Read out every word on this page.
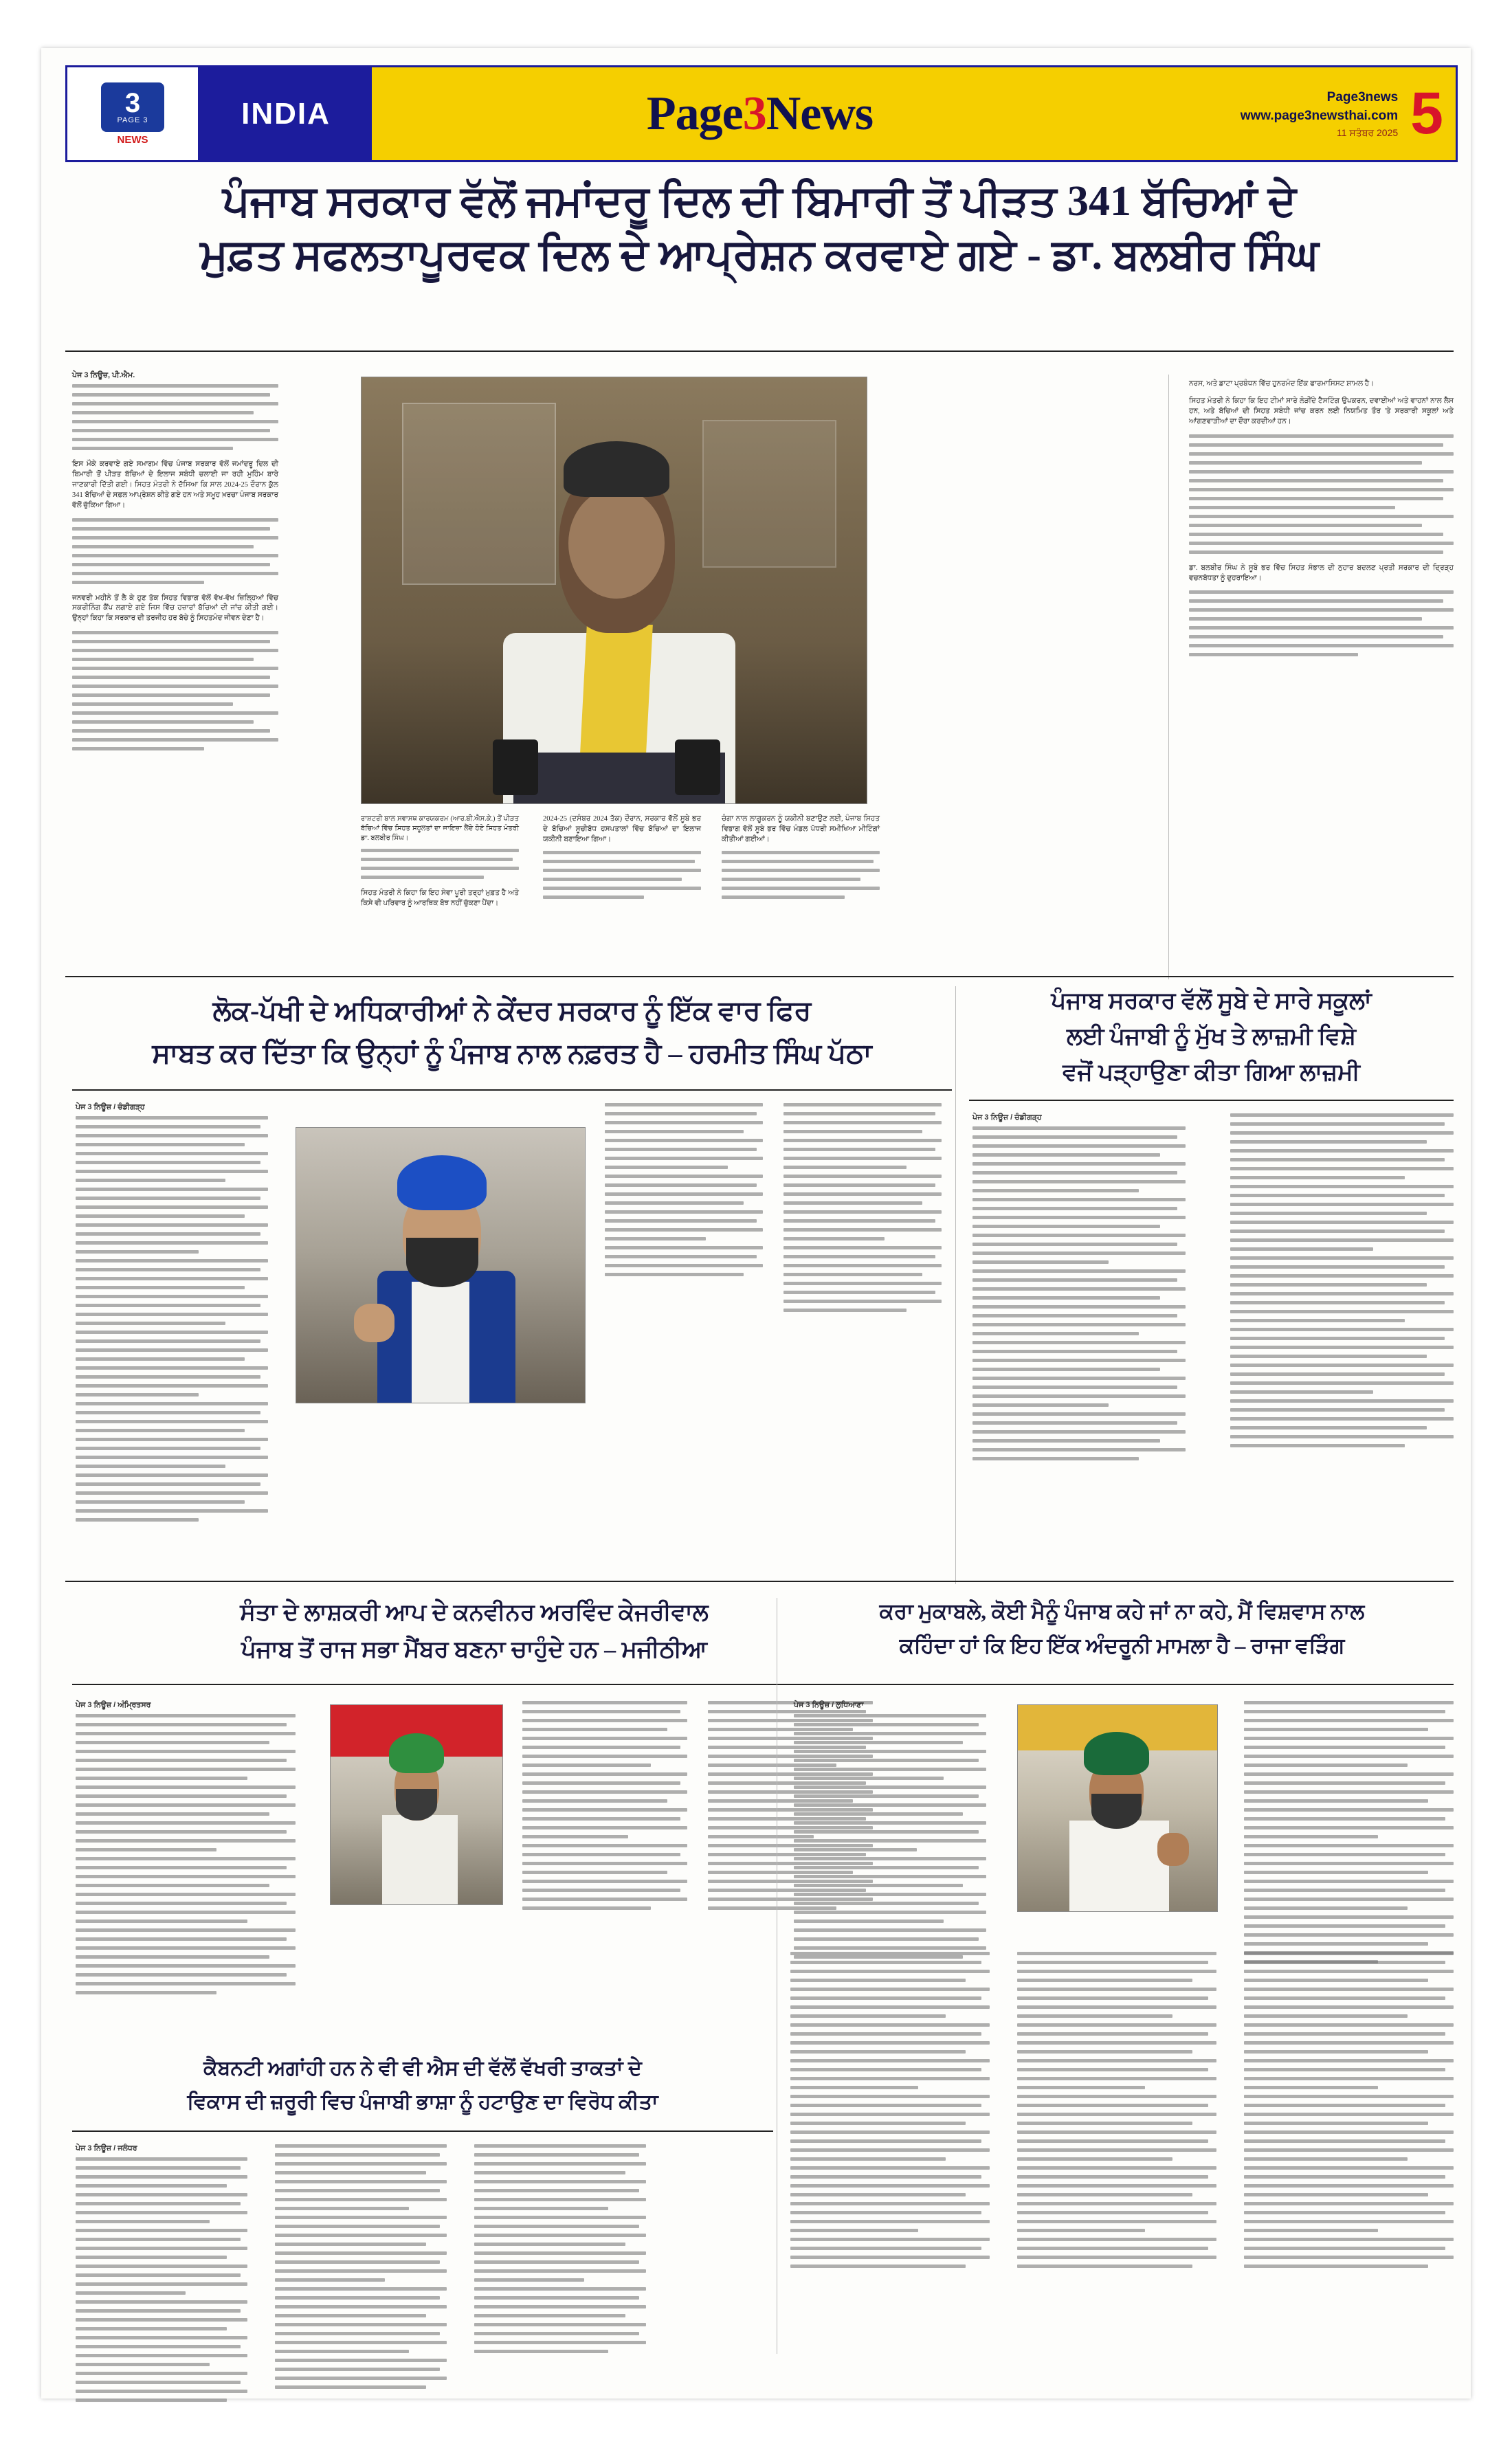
3
PAGE 3
NEWS
INDIA	Page3News	Page3news
www.page3newsthai.com
11 ਸਤੰਬਰ 2025 5
ਪੰਜਾਬ ਸਰਕਾਰ ਵੱਲੋਂ ਜਮਾਂਦਰੂ ਦਿਲ ਦੀ ਬਿਮਾਰੀ ਤੋਂ ਪੀੜਤ 341 ਬੱਚਿਆਂ ਦੇ
ਮੁਫ਼ਤ ਸਫਲਤਾਪੂਰਵਕ ਦਿਲ ਦੇ ਆਪ੍ਰੇਸ਼ਨ ਕਰਵਾਏ ਗਏ - ਡਾ. ਬਲਬੀਰ ਸਿੰਘ
ਪੇਜ 3 ਨਿਊਜ਼, ਪੀ.ਐਮ.
ਇਸ ਮੌਕੇ ਕਰਵਾਏ ਗਏ ਸਮਾਗਮ ਵਿੱਚ ਪੰਜਾਬ ਸਰਕਾਰ ਵੱਲੋਂ ਜਮਾਂਦਰੂ ਦਿਲ ਦੀ ਬਿਮਾਰੀ ਤੋਂ ਪੀੜਤ ਬੱਚਿਆਂ ਦੇ ਇਲਾਜ ਸਬੰਧੀ ਚਲਾਈ ਜਾ ਰਹੀ ਮੁਹਿੰਮ ਬਾਰੇ ਜਾਣਕਾਰੀ ਦਿੱਤੀ ਗਈ। ਸਿਹਤ ਮੰਤਰੀ ਨੇ ਦੱਸਿਆ ਕਿ ਸਾਲ 2024-25 ਦੌਰਾਨ ਕੁੱਲ 341 ਬੱਚਿਆਂ ਦੇ ਸਫ਼ਲ ਆਪ੍ਰੇਸ਼ਨ ਕੀਤੇ ਗਏ ਹਨ ਅਤੇ ਸਮੂਹ ਖ਼ਰਚਾ ਪੰਜਾਬ ਸਰਕਾਰ ਵੱਲੋਂ ਚੁੱਕਿਆ ਗਿਆ।
ਜਨਵਰੀ ਮਹੀਨੇ ਤੋਂ ਲੈ ਕੇ ਹੁਣ ਤੱਕ ਸਿਹਤ ਵਿਭਾਗ ਵੱਲੋਂ ਵੱਖ-ਵੱਖ ਜ਼ਿਲ੍ਹਿਆਂ ਵਿੱਚ ਸਕਰੀਨਿੰਗ ਕੈਂਪ ਲਗਾਏ ਗਏ ਜਿਸ ਵਿੱਚ ਹਜ਼ਾਰਾਂ ਬੱਚਿਆਂ ਦੀ ਜਾਂਚ ਕੀਤੀ ਗਈ। ਉਨ੍ਹਾਂ ਕਿਹਾ ਕਿ ਸਰਕਾਰ ਦੀ ਤਰਜੀਹ ਹਰ ਬੱਚੇ ਨੂੰ ਸਿਹਤਮੰਦ ਜੀਵਨ ਦੇਣਾ ਹੈ।
ਰਾਸ਼ਟਰੀ ਬਾਲ ਸਵਾਸਥ ਕਾਰਯਕਰਮ (ਆਰ.ਬੀ.ਐਸ.ਕੇ.) ਤੋਂ ਪੀੜਤ ਬੱਚਿਆਂ ਵਿੱਚ ਸਿਹਤ ਸਹੂਲਤਾਂ ਦਾ ਜਾਇਜ਼ਾ ਲੈਂਦੇ ਹੋਏ ਸਿਹਤ ਮੰਤਰੀ ਡਾ. ਬਲਬੀਰ ਸਿੰਘ।
ਸਿਹਤ ਮੰਤਰੀ ਨੇ ਕਿਹਾ ਕਿ ਇਹ ਸੇਵਾ ਪੂਰੀ ਤਰ੍ਹਾਂ ਮੁਫ਼ਤ ਹੈ ਅਤੇ ਕਿਸੇ ਵੀ ਪਰਿਵਾਰ ਨੂੰ ਆਰਥਿਕ ਬੋਝ ਨਹੀਂ ਚੁੱਕਣਾ ਪੈਂਦਾ।
2024-25 (ਦਸੰਬਰ 2024 ਤੱਕ) ਦੌਰਾਨ, ਸਰਕਾਰ ਵੱਲੋਂ ਸੂਬੇ ਭਰ ਦੇ ਬੱਚਿਆਂ ਸੂਚੀਬੱਧ ਹਸਪਤਾਲਾਂ ਵਿੱਚ ਬੱਚਿਆਂ ਦਾ ਇਲਾਜ ਯਕੀਨੀ ਬਣਾਇਆ ਗਿਆ।
ਚੰਗਾ ਨਾਲ ਲਾਗੂਕਰਨ ਨੂੰ ਯਕੀਨੀ ਬਣਾਉਣ ਲਈ, ਪੰਜਾਬ ਸਿਹਤ ਵਿਭਾਗ ਵੱਲੋਂ ਸੂਬੇ ਭਰ ਵਿੱਚ ਮੰਡਲ ਪੱਧਰੀ ਸਮੀਖਿਆ ਮੀਟਿੰਗਾਂ ਕੀਤੀਆਂ ਗਈਆਂ।
ਨਰਸ, ਅਤੇ ਡਾਟਾ ਪ੍ਰਬੰਧਨ ਵਿੱਚ ਹੁਨਰਮੰਦ ਇੱਕ ਫਾਰਮਾਸਿਸਟ ਸ਼ਾਮਲ ਹੈ।
ਸਿਹਤ ਮੰਤਰੀ ਨੇ ਕਿਹਾ ਕਿ ਇਹ ਟੀਮਾਂ ਸਾਰੇ ਲੋੜੀਂਦੇ ਟੈਸਟਿੰਗ ਉਪਕਰਨ, ਦਵਾਈਆਂ ਅਤੇ ਵਾਹਨਾਂ ਨਾਲ ਲੈਸ ਹਨ, ਅਤੇ ਬੱਚਿਆਂ ਦੀ ਸਿਹਤ ਸਬੰਧੀ ਜਾਂਚ ਕਰਨ ਲਈ ਨਿਯਮਿਤ ਤੌਰ 'ਤੇ ਸਰਕਾਰੀ ਸਕੂਲਾਂ ਅਤੇ ਆਂਗਣਵਾੜੀਆਂ ਦਾ ਦੌਰਾ ਕਰਦੀਆਂ ਹਨ।
ਡਾ. ਬਲਬੀਰ ਸਿੰਘ ਨੇ ਸੂਬੇ ਭਰ ਵਿੱਚ ਸਿਹਤ ਸੰਭਾਲ ਦੀ ਨੁਹਾਰ ਬਦਲਣ ਪ੍ਰਤੀ ਸਰਕਾਰ ਦੀ ਦ੍ਰਿੜ੍ਹ ਵਚਨਬੱਧਤਾ ਨੂੰ ਦੁਹਰਾਇਆ।
ਲੋਕ-ਪੱਖੀ ਦੇ ਅਧਿਕਾਰੀਆਂ ਨੇ ਕੇਂਦਰ ਸਰਕਾਰ ਨੂੰ ਇੱਕ ਵਾਰ ਫਿਰ
ਸਾਬਤ ਕਰ ਦਿੱਤਾ ਕਿ ਉਨ੍ਹਾਂ ਨੂੰ ਪੰਜਾਬ ਨਾਲ ਨਫ਼ਰਤ ਹੈ – ਹਰਮੀਤ ਸਿੰਘ ਪੱਠਾ
ਪੇਜ 3 ਨਿਊਜ਼ / ਚੰਡੀਗੜ੍ਹ
ਪੰਜਾਬ ਸਰਕਾਰ ਵੱਲੋਂ ਸੂਬੇ ਦੇ ਸਾਰੇ ਸਕੂਲਾਂ
ਲਈ ਪੰਜਾਬੀ ਨੂੰ ਮੁੱਖ ਤੇ ਲਾਜ਼ਮੀ ਵਿਸ਼ੇ
ਵਜੋਂ ਪੜ੍ਹਾਉਣਾ ਕੀਤਾ ਗਿਆ ਲਾਜ਼ਮੀ
ਪੇਜ 3 ਨਿਊਜ਼ / ਚੰਡੀਗੜ੍ਹ
ਸੰਤਾ ਦੇ ਲਾਸ਼ਕਰੀ ਆਪ ਦੇ ਕਨਵੀਨਰ ਅਰਵਿੰਦ ਕੇਜਰੀਵਾਲ
ਪੰਜਾਬ ਤੋਂ ਰਾਜ ਸਭਾ ਮੈਂਬਰ ਬਣਨਾ ਚਾਹੁੰਦੇ ਹਨ – ਮਜੀਠੀਆ
ਪੇਜ 3 ਨਿਊਜ਼ / ਅੰਮ੍ਰਿਤਸਰ
ਕਰਾ ਮੁਕਾਬਲੇ, ਕੋਈ ਮੈਨੂੰ ਪੰਜਾਬ ਕਹੇ ਜਾਂ ਨਾ ਕਹੇ, ਮੈਂ ਵਿਸ਼ਵਾਸ ਨਾਲ
ਕਹਿੰਦਾ ਹਾਂ ਕਿ ਇਹ ਇੱਕ ਅੰਦਰੂਨੀ ਮਾਮਲਾ ਹੈ – ਰਾਜਾ ਵੜਿੰਗ
ਪੇਜ 3 ਨਿਊਜ਼ / ਲੁਧਿਆਣਾ
ਕੈਬਨਟੀ ਅਗਾਂਹੀ ਹਨ ਨੇ ਵੀ ਵੀ ਐਸ ਦੀ ਵੱਲੋਂ ਵੱਖਰੀ ਤਾਕਤਾਂ ਦੇ
ਵਿਕਾਸ ਦੀ ਜ਼ਰੂਰੀ ਵਿਚ ਪੰਜਾਬੀ ਭਾਸ਼ਾ ਨੂੰ ਹਟਾਉਣ ਦਾ ਵਿਰੋਧ ਕੀਤਾ
ਪੇਜ 3 ਨਿਊਜ਼ / ਜਲੰਧਰ
